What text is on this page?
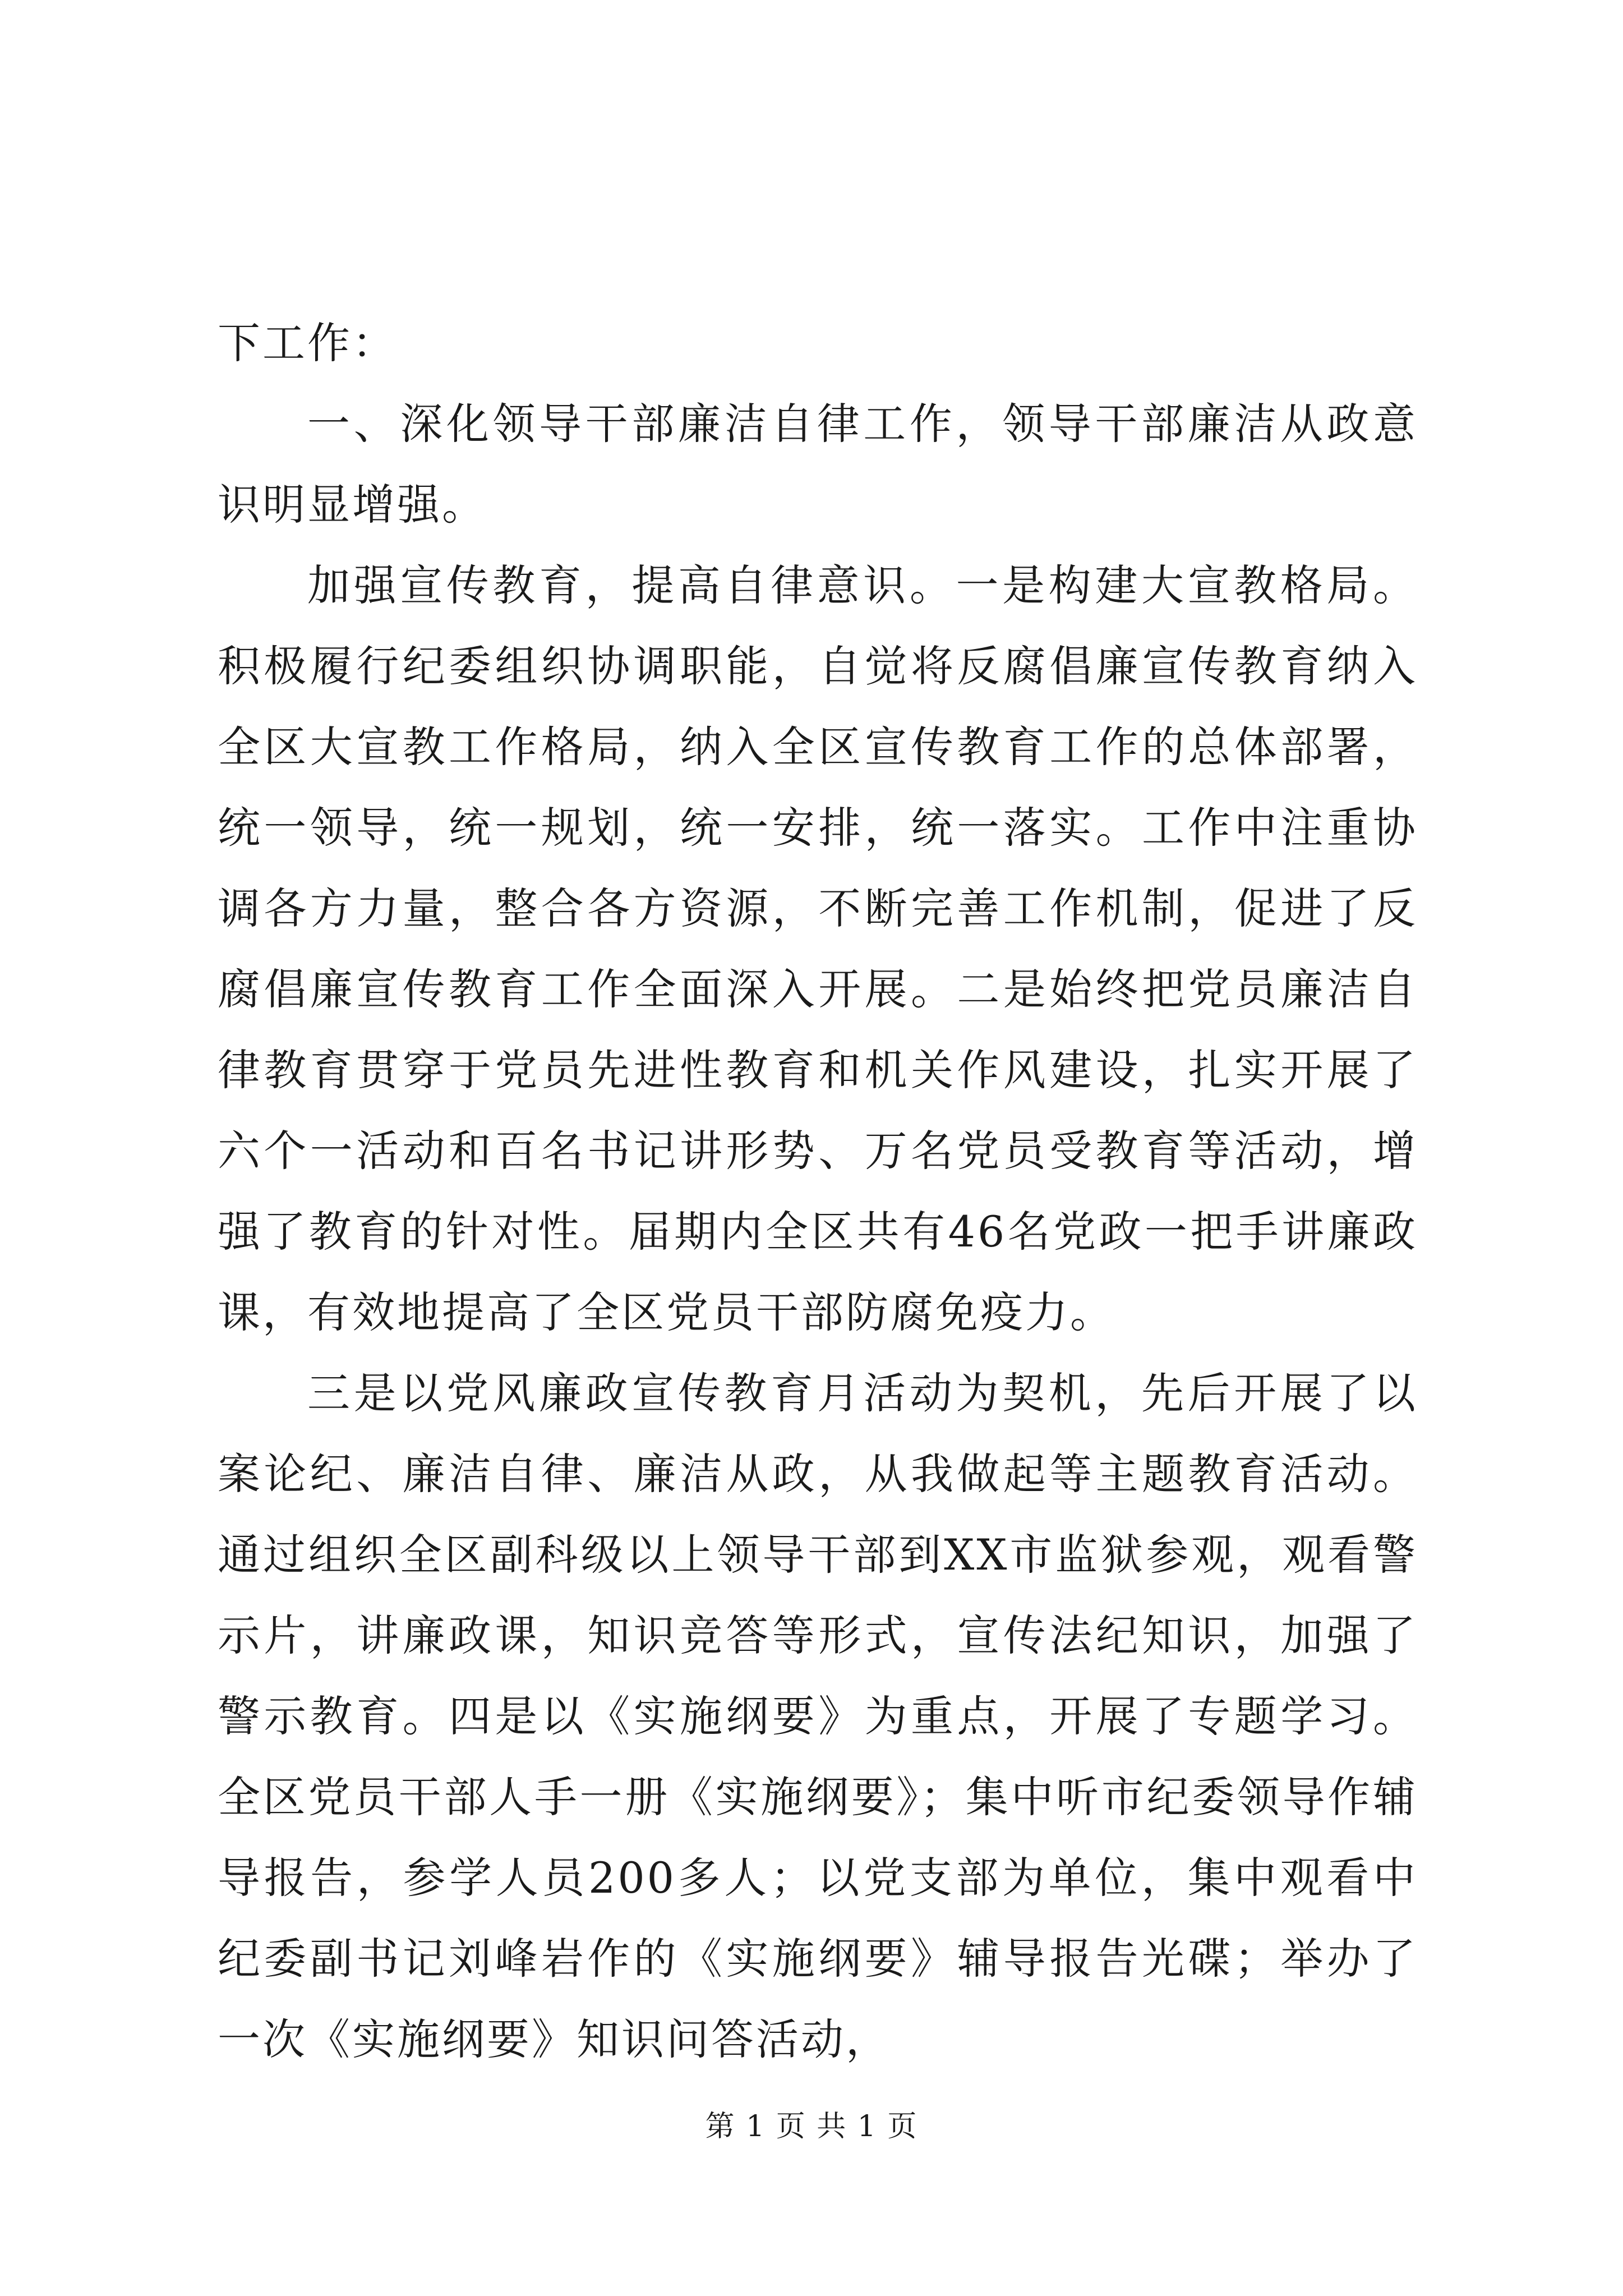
下工作：

一、深化领导干部廉洁自律工作，领导干部廉洁从政意识明显增强。

加强宣传教育，提高自律意识。一是构建大宣教格局。积极履行纪委组织协调职能，自觉将反腐倡廉宣传教育纳入全区大宣教工作格局，纳入全区宣传教育工作的总体部署，统一领导，统一规划，统一安排，统一落实。工作中注重协调各方力量，整合各方资源，不断完善工作机制，促进了反腐倡廉宣传教育工作全面深入开展。二是始终把党员廉洁自律教育贯穿于党员先进性教育和机关作风建设，扎实开展了六个一活动和百名书记讲形势、万名党员受教育等活动，增强了教育的针对性。届期内全区共有46名党政一把手讲廉政课，有效地提高了全区党员干部防腐免疫力。

三是以党风廉政宣传教育月活动为契机，先后开展了以案论纪、廉洁自律、廉洁从政，从我做起等主题教育活动。通过组织全区副科级以上领导干部到XX市监狱参观，观看警示片，讲廉政课，知识竞答等形式，宣传法纪知识，加强了警示教育。四是以《实施纲要》为重点，开展了专题学习。全区党员干部人手一册《实施纲要》；集中听市纪委领导作辅导报告，参学人员200多人；以党支部为单位，集中观看中纪委副书记刘峰岩作的《实施纲要》辅导报告光碟；举办了一次《实施纲要》知识问答活动，

第 1 页 共 1 页
